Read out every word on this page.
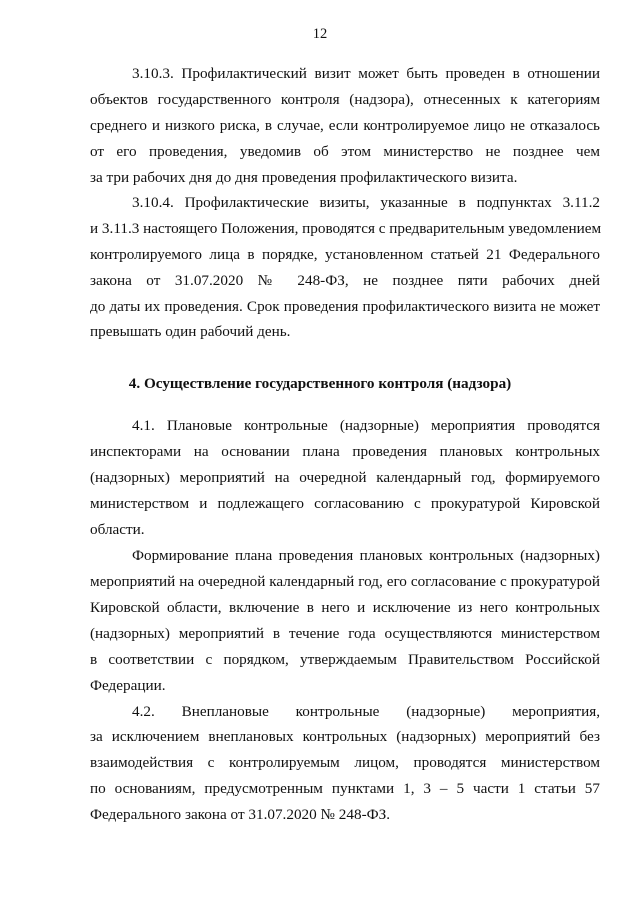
12
3.10.3. Профилактический визит может быть проведен в отношении
объектов государственного контроля (надзора), отнесенных к категориям
среднего и низкого риска, в случае, если контролируемое лицо не отказалось
от его проведения, уведомив об этом министерство не позднее чем
за три рабочих дня до дня проведения профилактического визита.
3.10.4. Профилактические визиты, указанные в подпунктах 3.11.2
и 3.11.3 настоящего Положения, проводятся с предварительным уведомлением
контролируемого лица в порядке, установленном статьей 21 Федерального
закона от 31.07.2020 № 248-ФЗ, не позднее пяти рабочих дней
до даты их проведения. Срок проведения профилактического визита не может
превышать один рабочий день.
4. Осуществление государственного контроля (надзора)
4.1. Плановые контрольные (надзорные) мероприятия проводятся
инспекторами на основании плана проведения плановых контрольных
(надзорных) мероприятий на очередной календарный год, формируемого
министерством и подлежащего согласованию с прокуратурой Кировской
области.
Формирование плана проведения плановых контрольных (надзорных)
мероприятий на очередной календарный год, его согласование с прокуратурой
Кировской области, включение в него и исключение из него контрольных
(надзорных) мероприятий в течение года осуществляются министерством
в соответствии с порядком, утверждаемым Правительством Российской
Федерации.
4.2. Внеплановые контрольные (надзорные) мероприятия,
за исключением внеплановых контрольных (надзорных) мероприятий без
взаимодействия с контролируемым лицом, проводятся министерством
по основаниям, предусмотренным пунктами 1, 3 – 5 части 1 статьи 57
Федерального закона от 31.07.2020 № 248-ФЗ.
